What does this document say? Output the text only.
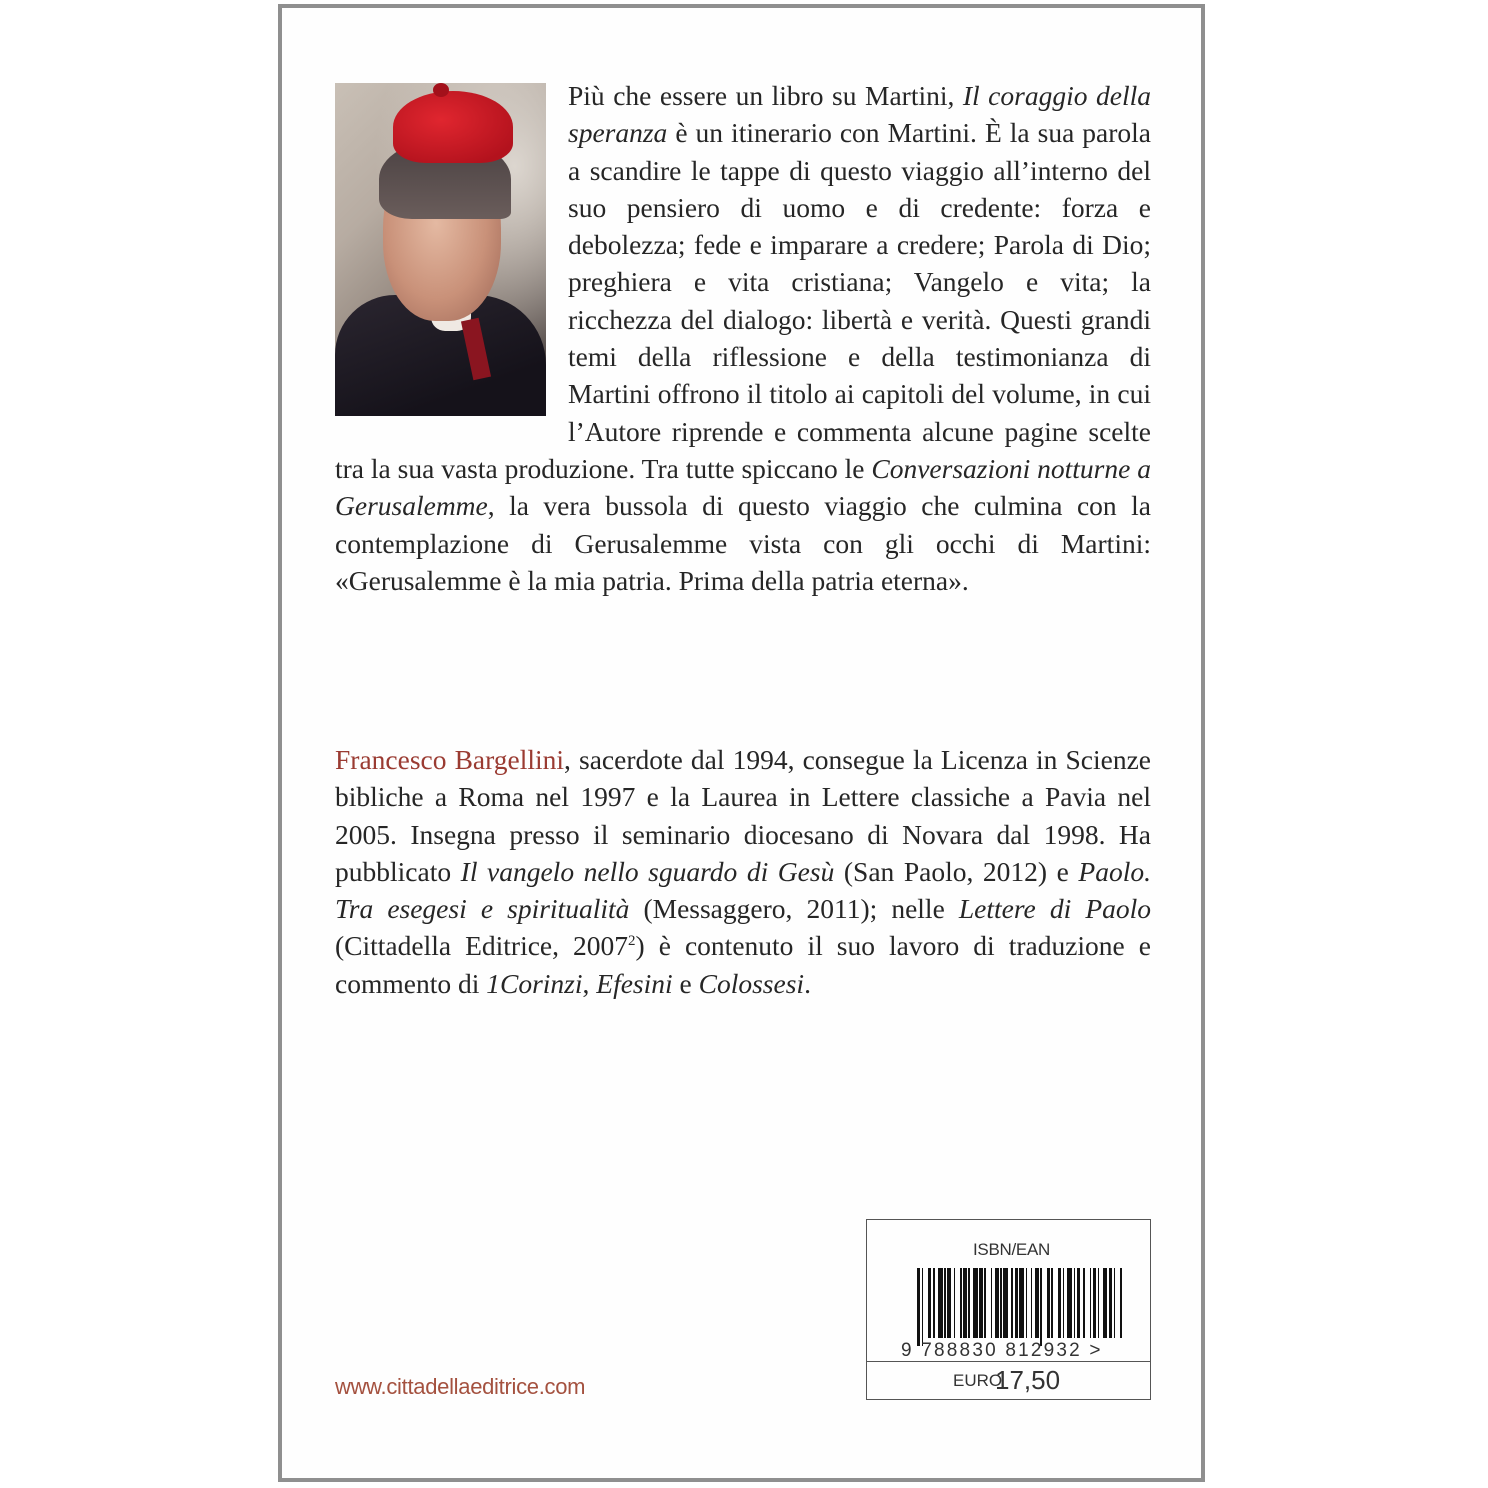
Più che essere un libro su Martini, Il coraggio della speranza è un itinerario con Martini. È la sua parola a scandire le tappe di questo viaggio all’interno del suo pensiero di uomo e di credente: forza e debolezza; fede e imparare a credere; Parola di Dio; preghiera e vita cristiana; Vangelo e vita; la ricchezza del dialogo: libertà e verità. Questi grandi temi della riflessione e della testimonianza di Martini offrono il titolo ai capitoli del volume, in cui l’Autore riprende e commenta alcune pagine scelte tra la sua vasta produzione. Tra tutte spiccano le Conversazioni notturne a Gerusalemme, la vera bussola di questo viaggio che culmina con la contemplazione di Gerusalemme vista con gli occhi di Martini: «Gerusalemme è la mia patria. Prima della patria eterna».
Francesco Bargellini, sacerdote dal 1994, consegue la Licenza in Scienze bibliche a Roma nel 1997 e la Laurea in Lettere classiche a Pavia nel 2005. Insegna presso il seminario diocesano di Novara dal 1998. Ha pubblicato Il vangelo nello sguardo di Gesù (San Paolo, 2012) e Paolo. Tra esegesi e spiritualità (Messaggero, 2011); nelle Lettere di Paolo (Cittadella Editrice, 2007$^2$) è contenuto il suo lavoro di traduzione e commento di 1Corinzi, Efesini e Colossesi.
www.cittadellaeditrice.com
ISBN/EAN
9 788830 812932 >
EURO
17,50
